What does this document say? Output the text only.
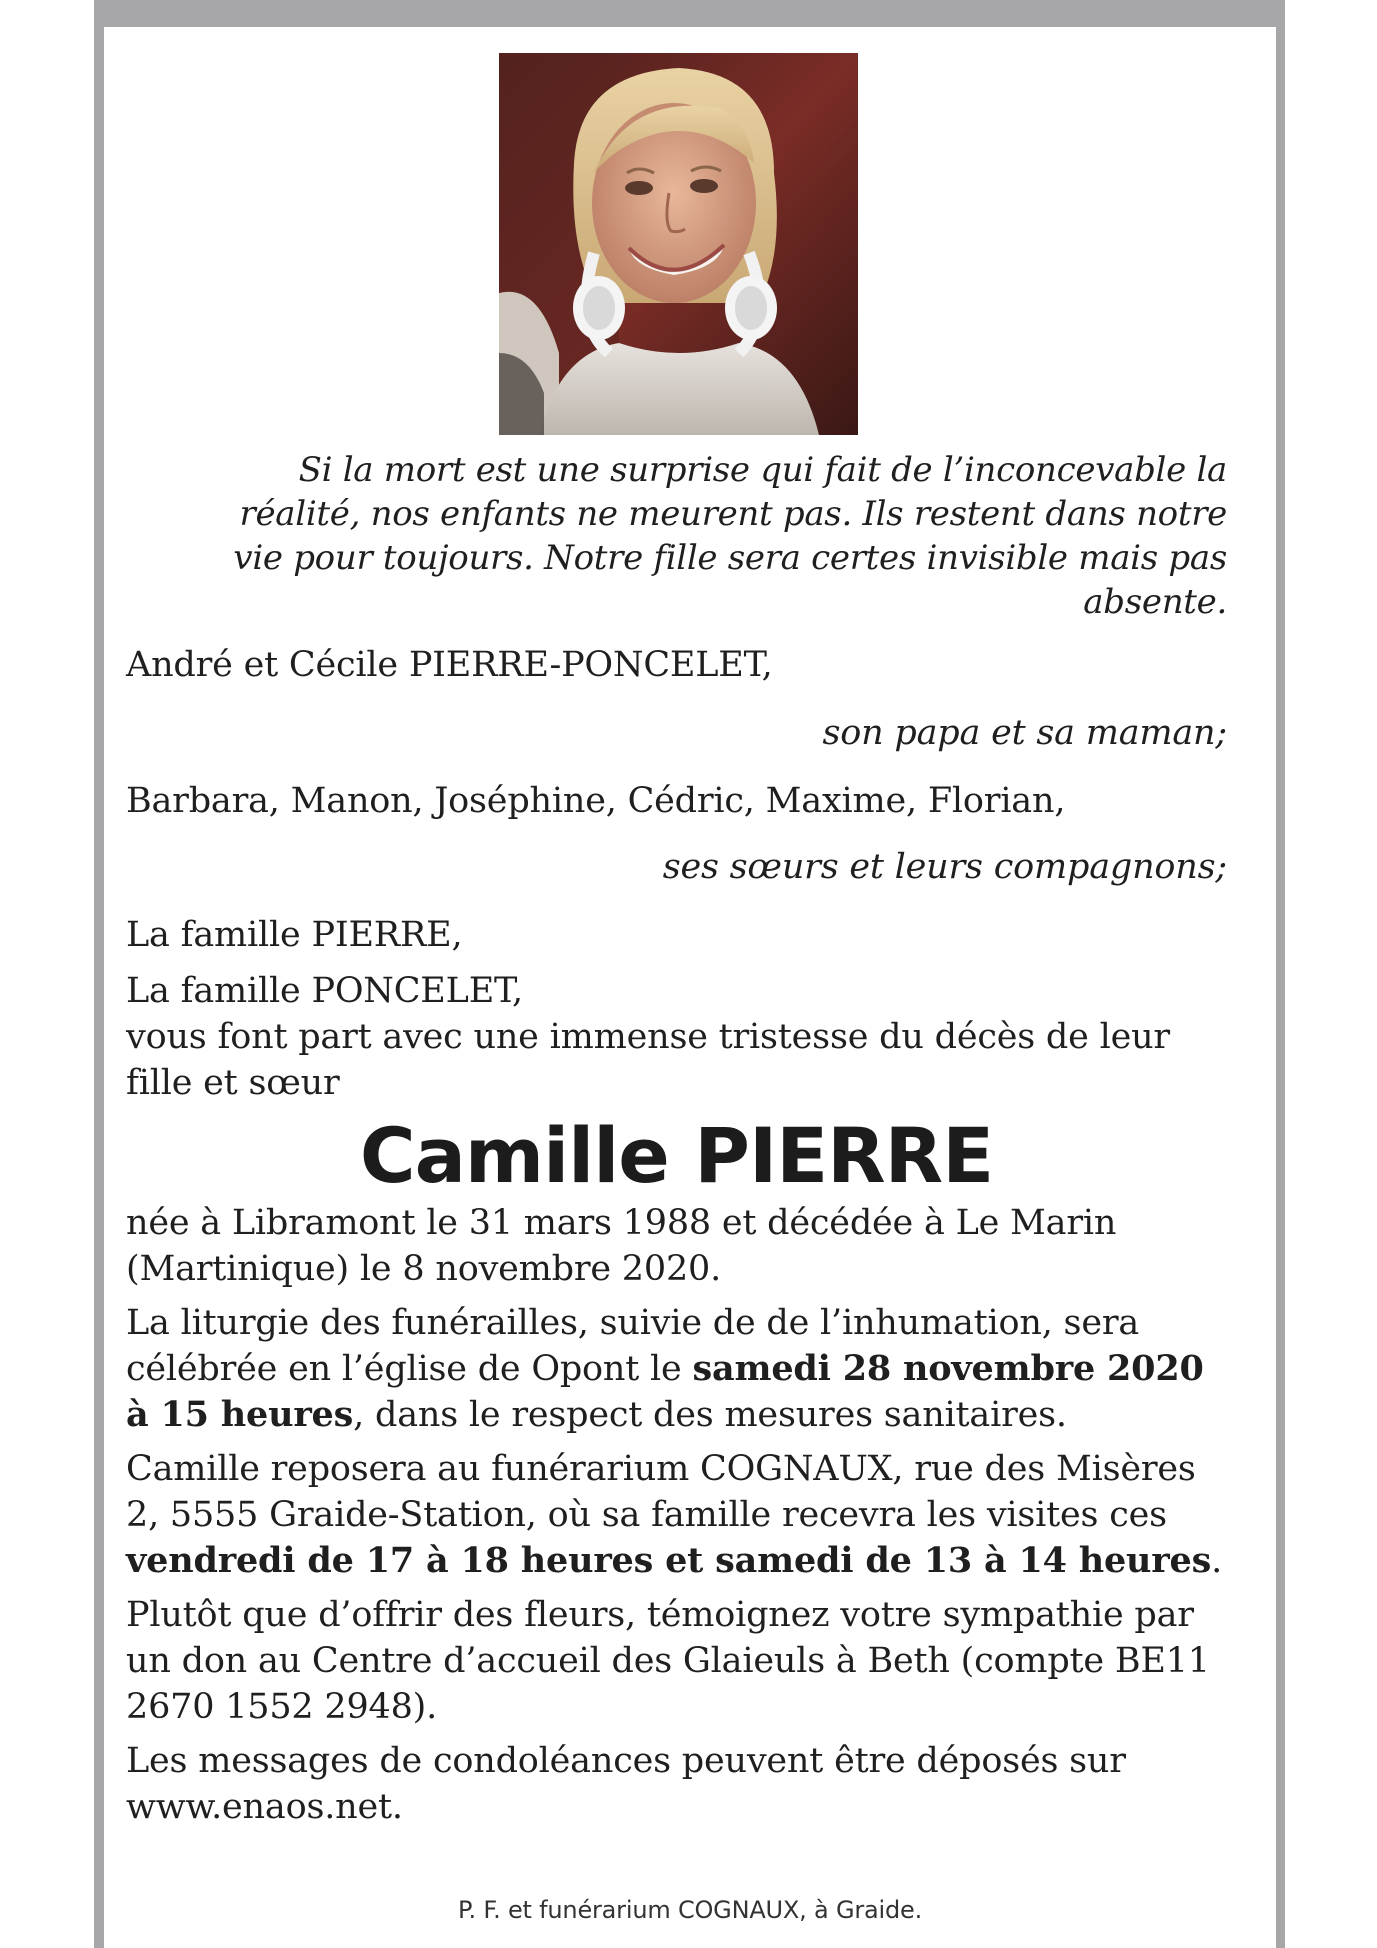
Si la mort est une surprise qui fait de l’inconcevable la
réalité, nos enfants ne meurent pas. Ils restent dans notre
vie pour toujours. Notre fille sera certes invisible mais pas
absente.

André et Cécile PIERRE-PONCELET,

son papa et sa maman;

Barbara, Manon, Joséphine, Cédric, Maxime, Florian,

ses sœurs et leurs compagnons;

La famille PIERRE,

La famille PONCELET,

vous font part avec une immense tristesse du décès de leur
fille et sœur

Camille PIERRE

née à Libramont le 31 mars 1988 et décédée à Le Marin
(Martinique) le 8 novembre 2020.

La liturgie des funérailles, suivie de de l’inhumation, sera
célébrée en l’église de Opont le samedi 28 novembre 2020
à 15 heures, dans le respect des mesures sanitaires.

Camille reposera au funérarium COGNAUX, rue des Misères
2, 5555 Graide-Station, où sa famille recevra les visites ces
vendredi de 17 à 18 heures et samedi de 13 à 14 heures.

Plutôt que d’offrir des fleurs, témoignez votre sympathie par
un don au Centre d’accueil des Glaieuls à Beth (compte BE11
2670 1552 2948).

Les messages de condoléances peuvent être déposés sur
www.enaos.net.

P. F. et funérarium COGNAUX, à Graide.
